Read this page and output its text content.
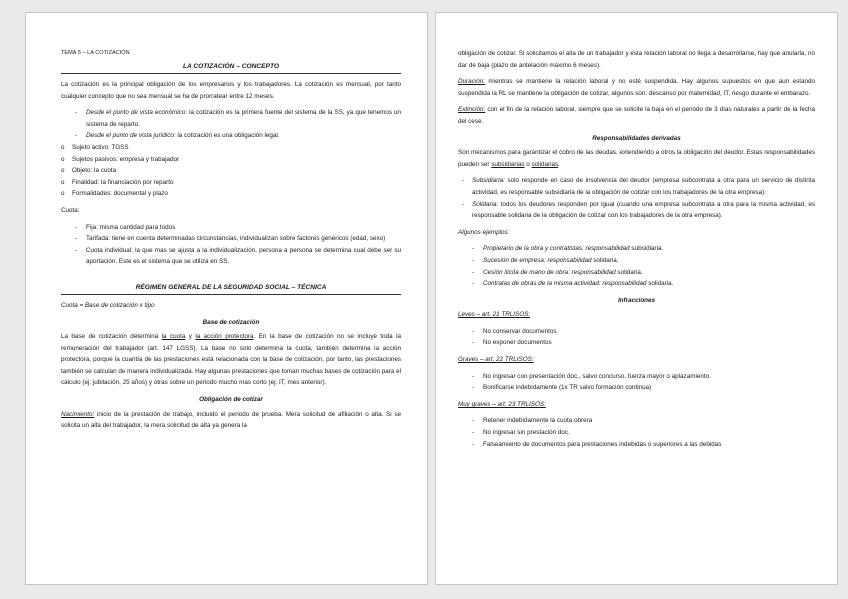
TEMA 5 – LA COTIZACIÓN

LA COTIZACIÓN – CONCEPTO

La cotización es la principal obligación de los empresarios y los trabajadores. La cotización es mensual, por tanto cualquier concepto que no sea mensual se ha de prorratear entre 12 meses.

- Desde el punto de vista económico: la cotización es la primera fuente del sistema de la SS, ya que tenemos un sistema de reparto.
- Desde el punto de vista jurídico: la cotización es una obligación legal.
o Sujeto activo: TGSS
o Sujetos pasivos: empresa y trabajador
o Objeto: la cuota
o Finalidad: la financiación por reparto
o Formalidades: documental y plazo

Cuota:

- Fija: misma cantidad para todos
- Tarifada: tiene en cuenta determinadas circunstancias, individualizan sobre factores genéricos (edad, sexo)
- Cuota individual: la que mas se ajusta a la individualización, persona a persona se determina cual debe ser su aportación. Este es el sistema que se utiliza en SS.

RÉGIMEN GENERAL DE LA SEGURIDAD SOCIAL – TÉCNICA

Cuota = Base de cotización x tipo

Base de cotización

La base de cotización determina la cuota y la acción protectora. En la base de cotización no se incluye toda la remuneración del trabajador (art. 147 LGSS). La base no solo determina la cuota, también determina la acción protectora, porque la cuantía de las prestaciones está relacionada con la base de cotización, por tanto, las prestaciones también se calculan de manera individualizada. Hay algunas prestaciones que toman muchas bases de cotización para el cálculo (ej: jubilación, 25 años) y otras sobre un periodo mucho mas corto (ej: IT, mes anterior).

Obligación de cotizar

Nacimiento: inicio de la prestación de trabajo, incluido el periodo de prueba. Mera solicitud de afiliación o alta. Si se solicita un alta del trabajador, la mera solicitud de alta ya genera la

obligación de cotizar. Si solicitamos el alta de un trabajador y esta relación laboral no llega a desarrollarse, hay que anularla, no dar de baja (plazo de antelación máximo 6 meses).

Duración: mientras se mantiene la relación laboral y no esté suspendida. Hay algunos supuestos en que aun estando suspendida la RL se mantiene la obligación de cotizar, algunos son: descanso por maternidad, IT, riesgo durante el embarazo.

Extinción: con el fin de la relación laboral, siempre que se solicite la baja en el periodo de 3 días naturales a partir de la fecha del cese.

Responsabilidades derivadas

Son mecanismos para garantizar el cobro de las deudas, extendiendo a otros la obligación del deudor. Estas responsabilidades pueden ser subsidiarias o solidarias.

- Subsidiaria: solo responde en caso de insolvencia del deudor (empresa subcontrata a otra para un servicio de distinta actividad, es responsable subsidiaria de la obligación de cotizar con los trabajadores de la otra empresa).
- Solidaria: todos los deudores responden por igual (cuando una empresa subcontrata a otra para la misma actividad, es responsable solidaria de la obligación de cotizar con los trabajadores de la otra empresa).

Algunos ejemplos:

- Propietario de la obra y contratistas: responsabilidad subsidiaria.
- Sucesión de empresa: responsabilidad solidaria.
- Cesión ilícita de mano de obra: responsabilidad solidaria.
- Contratas de obras de la misma actividad: responsabilidad solidaria.

Infracciones

Leves – art. 21 TRLISOS:

- No conservar documentos
- No exponer documentos

Graves – art. 22 TRLISOS:

- No ingresar con presentación doc., salvo concurso, fuerza mayor o aplazamiento.
- Bonificarse indebidamente (1x TR salvo formación continua)

Muy graves – art. 23 TRLISOS:

- Retener indebidamente la cuota obrera
- No ingresar sin prestación doc.
- Falseamiento de documentos para prestaciones indebidas o superiores a las debidas
